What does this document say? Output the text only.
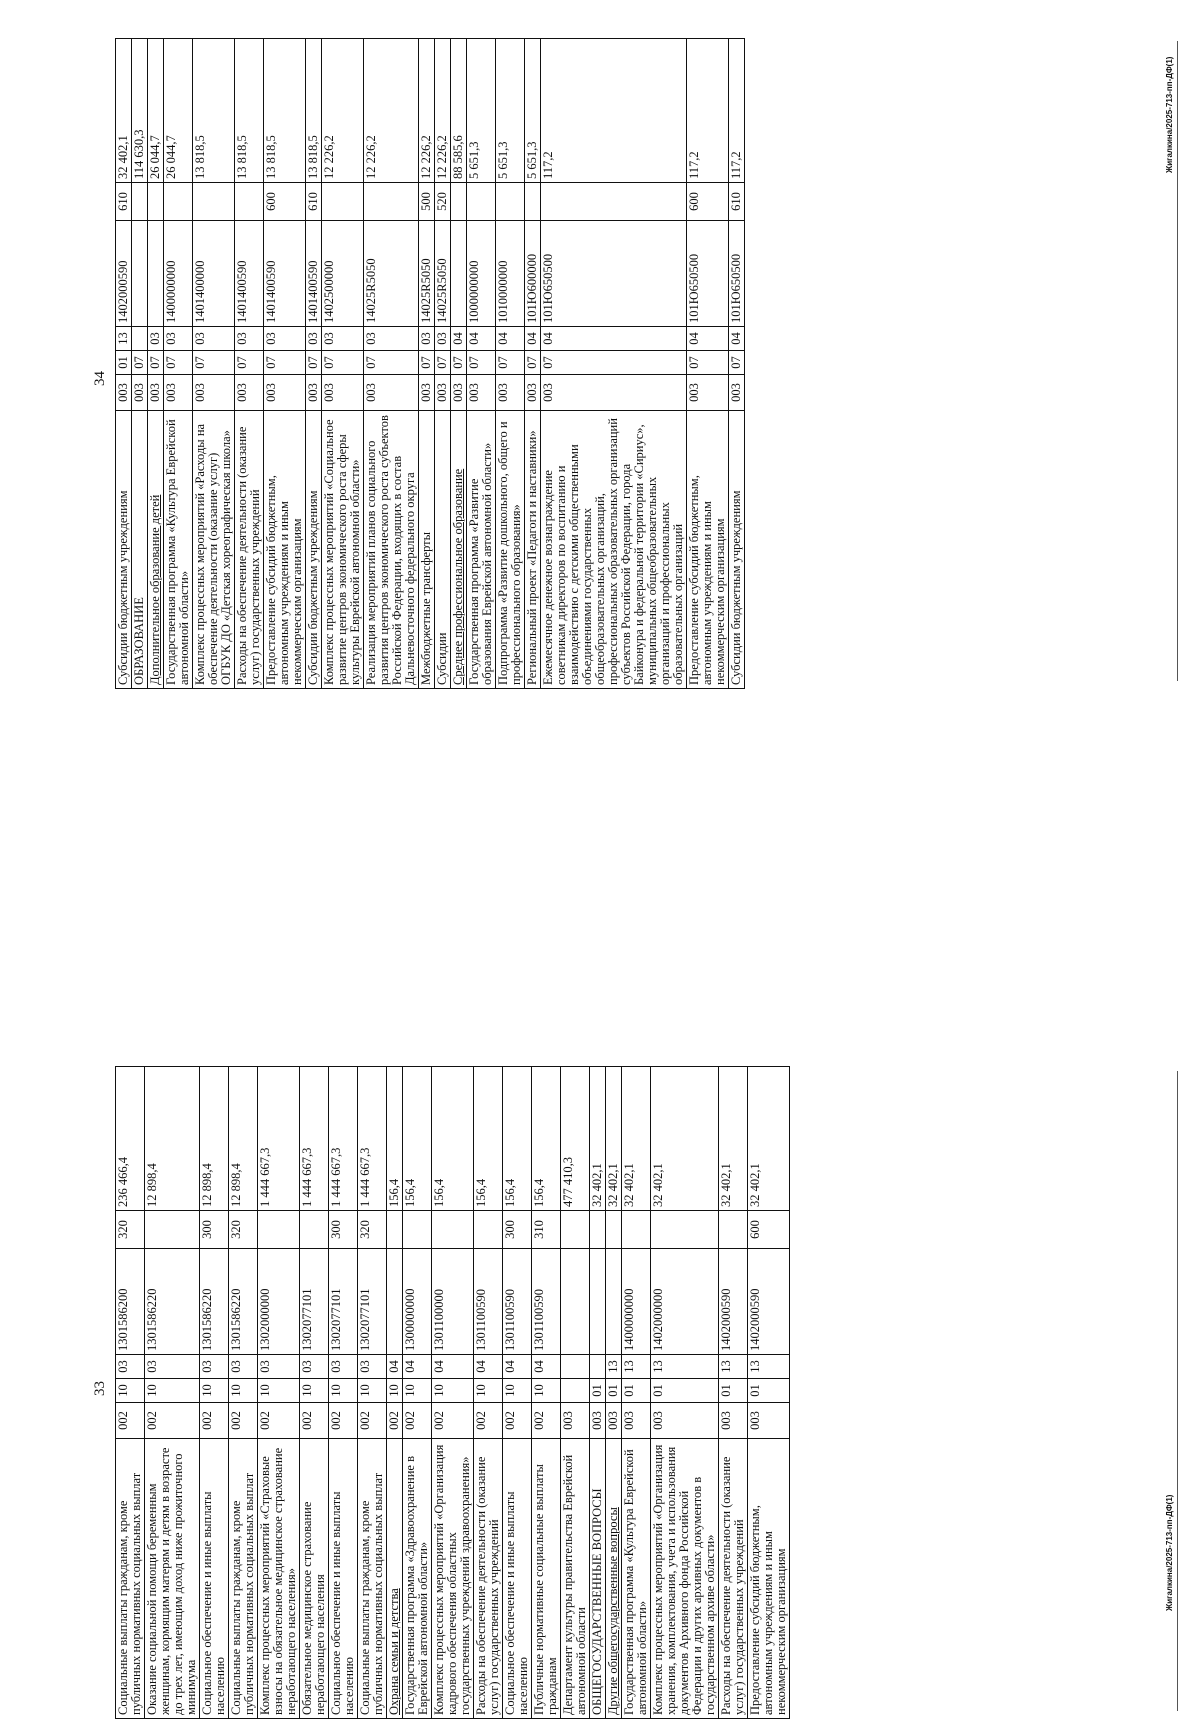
33
Социальные выплаты гражданам, кроме публичных нормативных социальных выплат	002	10	03	1301586200	320	236 466,4
Оказание социальной помощи беременным женщинам, кормящим матерям и детям в возрасте до трех лет, имеющим доход ниже прожиточного минимума	002	10	03	1301586220		12 898,4
Социальное обеспечение и иные выплаты населению	002	10	03	1301586220	300	12 898,4
Социальные выплаты гражданам, кроме публичных нормативных социальных выплат	002	10	03	1301586220	320	12 898,4
Комплекс процессных мероприятий «Страховые взносы на обязательное медицинское страхование неработающего населения»	002	10	03	1302000000		1 444 667,3
Обязательное медицинское страхование неработающего населения	002	10	03	1302077101		1 444 667,3
Социальное обеспечение и иные выплаты населению	002	10	03	1302077101	300	1 444 667,3
Социальные выплаты гражданам, кроме публичных нормативных социальных выплат	002	10	03	1302077101	320	1 444 667,3
Охрана семьи и детства	002	10	04			156,4
Государственная программа «Здравоохранение в Еврейской автономной области»	002	10	04	1300000000		156,4
Комплекс процессных мероприятий «Организация кадрового обеспечения областных государственных учреждений здравоохранения»	002	10	04	1301100000		156,4
Расходы на обеспечение деятельности (оказание услуг) государственных учреждений	002	10	04	1301100590		156,4
Социальное обеспечение и иные выплаты населению	002	10	04	1301100590	300	156,4
Публичные нормативные социальные выплаты гражданам	002	10	04	1301100590	310	156,4
Департамент культуры правительства Еврейской автономной области	003					477 410,3
ОБЩЕГОСУДАРСТВЕННЫЕ ВОПРОСЫ	003	01				32 402,1
Другие общегосударственные вопросы	003	01	13			32 402,1
Государственная программа «Культура Еврейской автономной области»	003	01	13	1400000000		32 402,1
Комплекс процессных мероприятий «Организация хранения, комплектования, учета и использования документов Архивного фонда Российской Федерации и других архивных документов в государственном архиве области»	003	01	13	1402000000		32 402,1
Расходы на обеспечение деятельности (оказание услуг) государственных учреждений	003	01	13	1402000590		32 402,1
Предоставление субсидий бюджетным, автономным учреждениям и иным некоммерческим организациям	003	01	13	1402000590	600	32 402,1
Жигалкина/2025-713-пп-ДФ(1)
34
Субсидии бюджетным учреждениям	003	01	13	1402000590	610	32 402,1
ОБРАЗОВАНИЕ	003	07				114 630,3
Дополнительное образование детей	003	07	03			26 044,7
Государственная программа «Культура Еврейской автономной области»	003	07	03	1400000000		26 044,7
Комплекс процессных мероприятий «Расходы на обеспечение деятельности (оказание услуг) ОГБУК ДО «Детская хореографическая школа»	003	07	03	1401400000		13 818,5
Расходы на обеспечение деятельности (оказание услуг) государственных учреждений	003	07	03	1401400590		13 818,5
Предоставление субсидий бюджетным, автономным учреждениям и иным некоммерческим организациям	003	07	03	1401400590	600	13 818,5
Субсидии бюджетным учреждениям	003	07	03	1401400590	610	13 818,5
Комплекс процессных мероприятий «Социальное развитие центров экономического роста сферы культуры Еврейской автономной области»	003	07	03	1402500000		12 226,2
Реализация мероприятий планов социального развития центров экономического роста субъектов Российской Федерации, входящих в состав Дальневосточного федерального округа	003	07	03	14025R5050		12 226,2
Межбюджетные трансферты	003	07	03	14025R5050	500	12 226,2
Субсидии	003	07	03	14025R5050	520	12 226,2
Среднее профессиональное образование	003	07	04			88 585,6
Государственная программа «Развитие образования Еврейской автономной области»	003	07	04	1000000000		5 651,3
Подпрограмма «Развитие дошкольного, общего и профессионального образования»	003	07	04	1010000000		5 651,3
Региональный проект «Педагоги и наставники»	003	07	04	101Ю600000		5 651,3
Ежемесячное денежное вознаграждение советникам директоров по воспитанию и взаимодействию с детскими общественными объединениями государственных общеобразовательных организаций, профессиональных образовательных организаций субъектов Российской Федерации, города Байконура и федеральной территории «Сириус», муниципальных общеобразовательных организаций и профессиональных образовательных организаций	003	07	04	101Ю650500		117,2
Предоставление субсидий бюджетным, автономным учреждениям и иным некоммерческим организациям	003	07	04	101Ю650500	600	117,2
Субсидии бюджетным учреждениям	003	07	04	101Ю650500	610	117,2	Жигалкина/2025-713-пп-ДФ(1)
